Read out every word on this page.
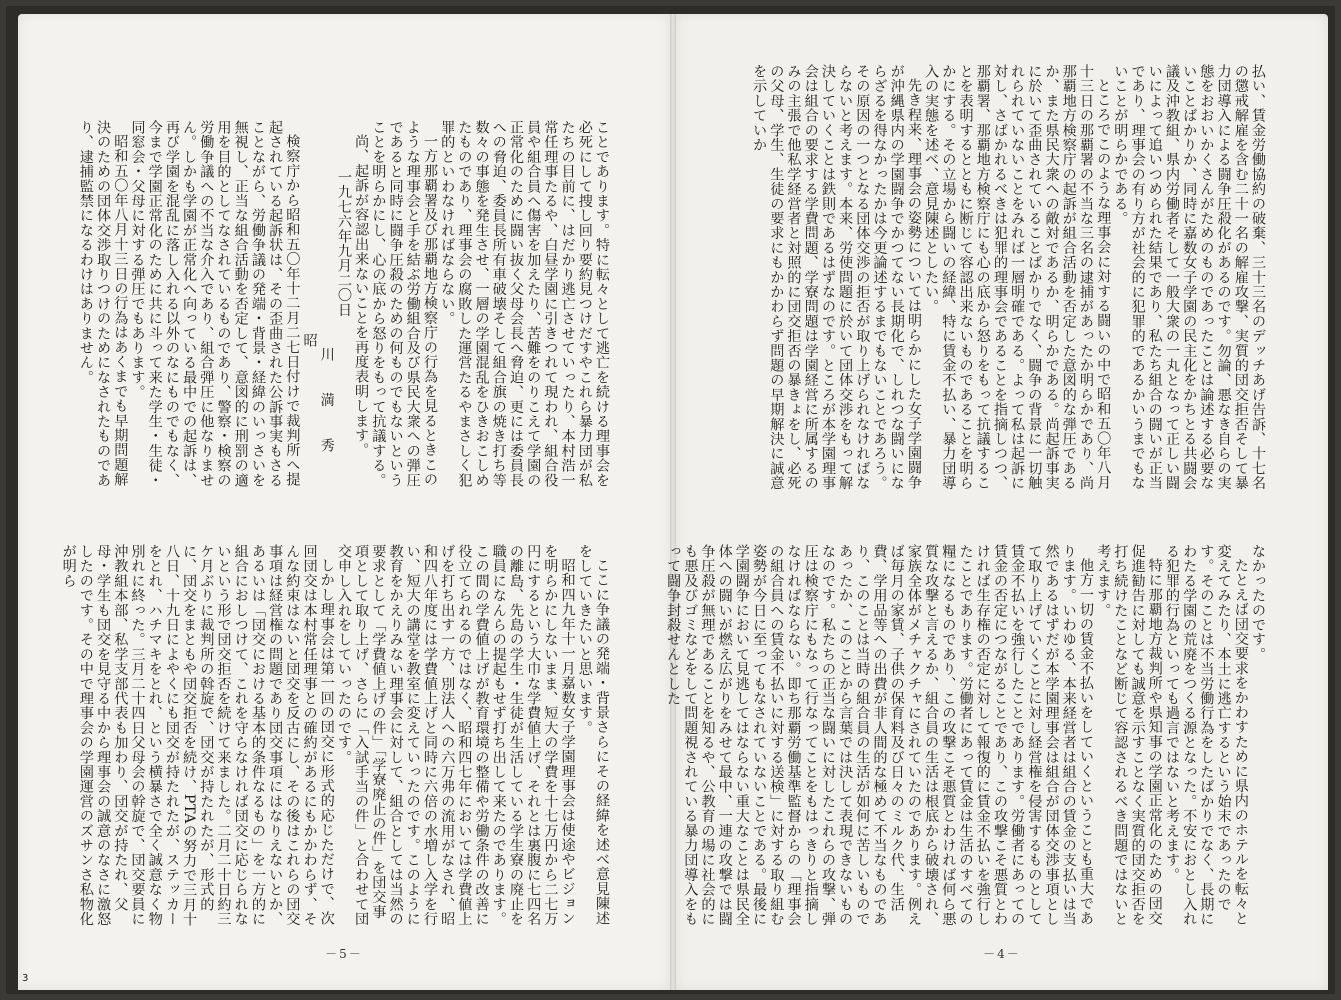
ことであります。特に転々として逃亡を続ける理事会を必死にして捜し回り要約見つけだすやこれら暴力団が私たちの目前に、はだかり逃亡させていったり、本村浩一常任理事たるや、白昼学園に引きつれて現われ、組合役員や組合員へ傷害を加えたり、苦難をのりこえて学園の正常化のために闘い抜く父母会長へ脅迫、更には委員長への脅迫、委員長所有車破壊そして組合旗の焼き打ち等数々の事態を発生させ、一層の学園混乱をひきおこしめたものであり、理事会の腐敗した運営たるやまさしく犯罪的といわなければならない。

一方那覇署及び那覇地方検察庁の行為を見るときこのような理事会と手を結ぶ労働組合及び県民大衆への弾圧であると同時に闘争圧殺のための何ものでもないということを明らかにし、心の底から怒りをもって抗議する。

尚、起訴が容認出来ないことを再度表明します。

一九七六年九月二〇日

川満秀昭

検察庁から昭和五〇年十二月二七日付けで裁判所へ提起されている起訴状は、その歪曲された公訴事実もさることながら、労働争議の発端・背景・経緯のいっさいを無視し、正当な組合活動を否定して、意図的に刑罰の適用を目的としてなされているものであり、警察・検察の労働争議への不当な介入であり、組合弾圧に他なりません。しかも学園が正常化へ向っている最中での起訴は、再び学園を混乱に落し入れる以外のなにものでもなく、今まで学園正常化のために共に斗って来た学生・生徒・同窓会・父母に対する弾圧でもあります。

昭和五〇年八月十三日の行為はあくまでも早期問題解決のための団体交渉取りつけのためになされたものであり、逮捕監禁になるわけはありません。

ここに争議の発端・背景さらにその経緯を述べ意見陳述をしていきたいと思います。

昭和四九年十一月嘉数女子学園理事会は使途やビジョンを明らかにしないまま、短大の学費を十七万円から二七万円にするという大巾な学費値上げ、それとは裏腹に七四名の離島、先島の学生・生徒が生活している学生寮の廃止を職員になんらの提起もせず打ち出して来たのであります。この間の学費値上げが教育環境の整備や労働条件の改善に役立てられるのではなく、昭和四七年においては学費値上げを打ち出す一方、別法人への六万弗の流用がなされ、昭和四八年度には学費値上げと同時に六倍の水増し入学を行い、短大の講堂を教室に変えていったのです。このように教育をかえりみない理事会に対して、組合としては当然の要求として「学費値上げの件」「学寮廃止の件」を団交事項として取り上げ、さらに「入試手当の件」と合わせて団交申し入れをしていったのです。

しかし理事会は第一回の団交に形式的応じただけで、次回団交は本村常任理事との確約があるにもかかわらず、そんな約束はないと団交を反古にし、その後はこれらの団交事項は経営権の問題であり団交事項にはなりえないとか、あるいは「団交における基本的条件なるもの」を一方的に組合におしつけて、これを守らなければ団交に応じられないという形で団交拒否を続けて来ました。二月二十日約三ケ月ぶりに裁判所の斡旋で、団交が持たれたが、形式的に、団交をまともや団交拒否を続け、PTAの努力で三月十八日、十九日によやくにも団交が持たれたが、ステッカーをとれ、ハチマキをとれ、という横暴さで全く誠意なく物別れに終った。三月二十四日父母会の幹旋で、団交要員に沖教組本部、私学支部代表も加わり、団交が持たれ、父母・学生も団交を見守る中から理事会の誠意のなさに激怒したのです。その中で理事会の学園運営のズサンさ私物化が明ら

－5－
3

払い、賃金労働協約の破棄、三十三名のデッチあげ告訴、十七名の懲戒解雇を含む二十一名の解雇攻撃、実質的団交拒否そして暴力団導入による闘争圧殺化があるのです。勿論、悪なき自らの実態をおおいかくさんがためのものであったことは論述する必要ないことばかりか、同時に嘉数女子学園の民主化をかちとる共闘会議及沖教組、県内労働者そして一般大衆の一丸となって正しい闘いによって追いつめられた結果であり、私たち組合の闘いが正当であり、理事会の有り方が社会的に犯罪的であるかいうまでもないことが明らかである。

ところでこのような理事会に対する闘いの中で昭和五〇年八月十三日の那覇署の不当な三名の逮捕があったか明らかであり、尚那覇地方検察庁の起訴が組合活動を否定した意図的な弾圧であるか、また県民大衆への敵対であるか、明らかである。尚起訴事実に於いて歪曲されていることばかりでなく、闘争の背景に一切触れられていないことをみれば一層明確である。よって私は起訴に対し、さばかれるべきは犯罪的理事会であることを指摘しつつ、那覇署、那覇地方検察庁にも心の底から怒りをもって抗議することを表明するとともに断じて容認出来ないものであることを明らかにする。その立場から闘いの経緯、特に賃金不払い、暴力団導入の実態を述べ、意見陳述としたい。

先き程来、理事会の姿勢については明らかにした女子学園闘争が沖縄県内の学園闘争でかつてない長期化で、しれつな闘いにならざるを得なかったかは今更論述するまでもないことであろう。その原因の一つとなる団体交渉の拒否が取り上げられなければならないと考えます。本来、労使問題に於いて団体交渉をもって解決していくことは鉄則であるはずなのです。ところが本学園理事会は組合の要求する学費問題、学寮問題は学園経営に所属するのみの主張で他私学経営者と対照的に団交拒否の暴きょをし、必死の父母、学生、生徒の要求にもかかわらず問題の早期解決に誠意を示していか

なかったのです。

たとえば団交要求をかわすために県内のホテルを転々と変えてみたり、本土に逃亡するという始末であったのです。そのことは不当労働行為をしたばかりでなく、長期にわたる学園の荒廃をつくる源となった。不安におとし入れる犯罪的行為といっても過言ではないと考えます。

特に那覇地方裁判所や県知事の学園正常化のための団交促進勧告に対しても誠意を示すことなく実質的団交拒否を打ち続けたことなど断じて容認されるべき問題ではないと考えます。

他方一切の賃金不払いをしていくということも重大であります。いわゆる、本来経営者は組合の賃金の支払いは当然であるはずだが本学園理事会は組合が団体交渉事項として取り上げていくことに対し経営権を侵害するものとして賃金不払いを強行したことであります。労働者にあっての賃金の否定につながることであり、この攻撃こそ悪質とわければ生存権の否定に対して報復的に賃金不払いを強行したことであります。労働者にあって賃金は生活のすべての糧になるものであり、この攻撃こそ悪質とわければ何ら悪質な攻撃と言えるか、組合員の生活は根底から破壊され、家族全体がメチャクチャにされていたのであります。例えば毎月の家賃、子供の保育料及び日々のミルク代、生活費、学用品等への出費が非人間的な極めて不当なものであり、このことは当時の組合員の生活が如何に苦しいものであったか、このことから言葉では決して表現できないものなのです。私たちの正当な闘いに対したこれらの攻撃、弾圧は検察庁にもなって行なってことをもはっきりと指摘しなければならない。即ち那覇労働基準監督からの「理事会の組合員への賃金不払いに対する送検」に対する取り組む姿勢が今日に至ってもなされていないことである。最後に学園闘争において見逃してはならない重大なことは県民全体への闘いが燃え広がりをみせて最中、一連の攻撃では闘争圧殺が無理であることを知るや、公教育の場に社会的にも悪及びゴミなどをして問題視されている暴力団導入をもって闘争封殺せんとした

－4－
